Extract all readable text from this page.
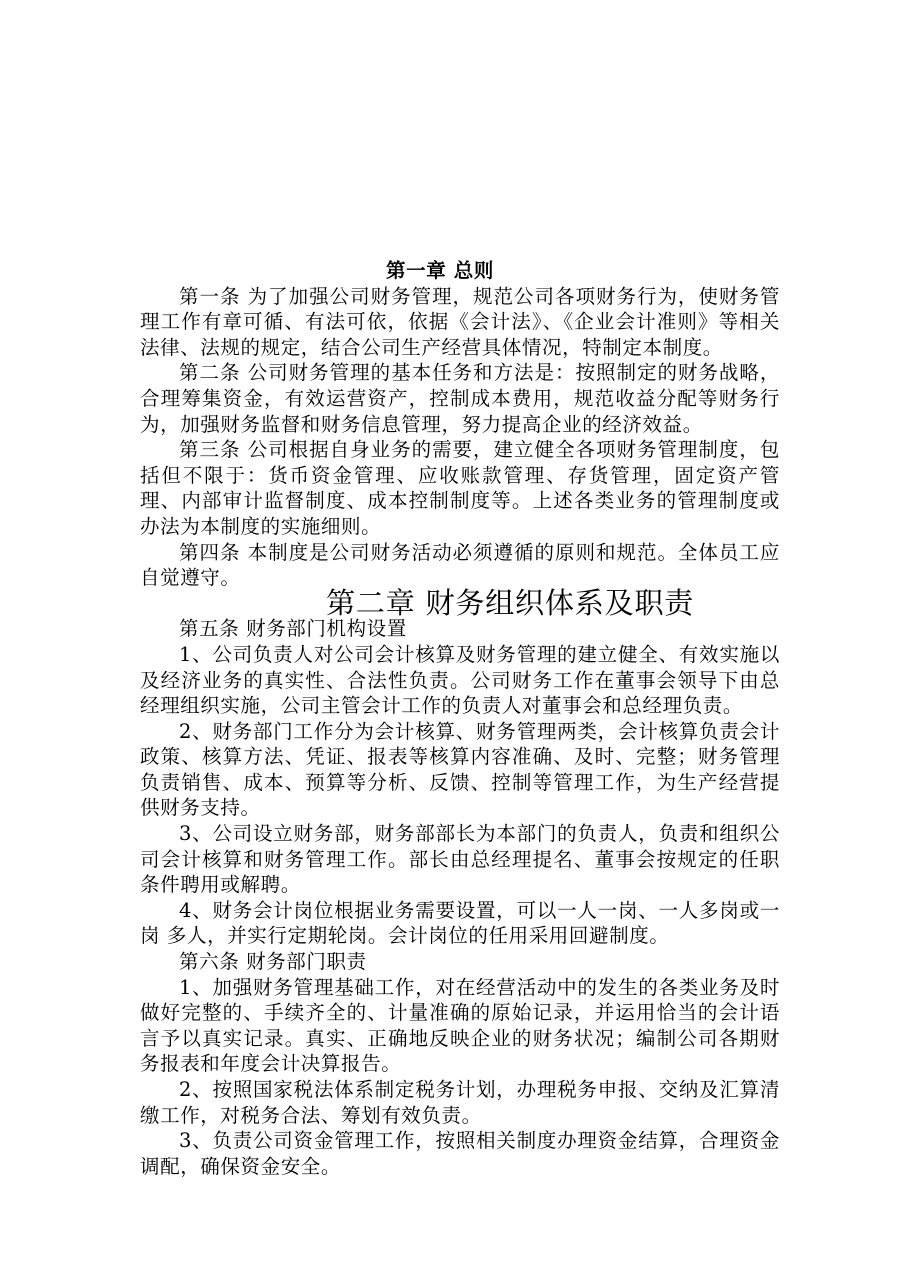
第一章 总则

第一条 为了加强公司财务管理，规范公司各项财务行为，使财务管理工作有章可循、有法可依，依据《会计法》、《企业会计准则》等相关法律、法规的规定，结合公司生产经营具体情况，特制定本制度。

第二条 公司财务管理的基本任务和方法是：按照制定的财务战略，合理筹集资金，有效运营资产，控制成本费用，规范收益分配等财务行为，加强财务监督和财务信息管理，努力提高企业的经济效益。

第三条 公司根据自身业务的需要，建立健全各项财务管理制度，包括但不限于：货币资金管理、应收账款管理、存货管理，固定资产管理、内部审计监督制度、成本控制制度等。上述各类业务的管理制度或办法为本制度的实施细则。

第四条 本制度是公司财务活动必须遵循的原则和规范。全体员工应自觉遵守。

第二章 财务组织体系及职责

第五条 财务部门机构设置

1、公司负责人对公司会计核算及财务管理的建立健全、有效实施以及经济业务的真实性、合法性负责。公司财务工作在董事会领导下由总经理组织实施，公司主管会计工作的负责人对董事会和总经理负责。

2、财务部门工作分为会计核算、财务管理两类，会计核算负责会计政策、核算方法、凭证、报表等核算内容准确、及时、完整；财务管理负责销售、成本、预算等分析、反馈、控制等管理工作，为生产经营提供财务支持。

3、公司设立财务部，财务部部长为本部门的负责人，负责和组织公司会计核算和财务管理工作。部长由总经理提名、董事会按规定的任职条件聘用或解聘。

4、财务会计岗位根据业务需要设置，可以一人一岗、一人多岗或一岗 多人，并实行定期轮岗。会计岗位的任用采用回避制度。

第六条 财务部门职责

1、加强财务管理基础工作，对在经营活动中的发生的各类业务及时做好完整的、手续齐全的、计量准确的原始记录，并运用恰当的会计语言予以真实记录。真实、正确地反映企业的财务状况；编制公司各期财务报表和年度会计决算报告。

2、按照国家税法体系制定税务计划，办理税务申报、交纳及汇算清缴工作，对税务合法、筹划有效负责。

3、负责公司资金管理工作，按照相关制度办理资金结算，合理资金调配，确保资金安全。
